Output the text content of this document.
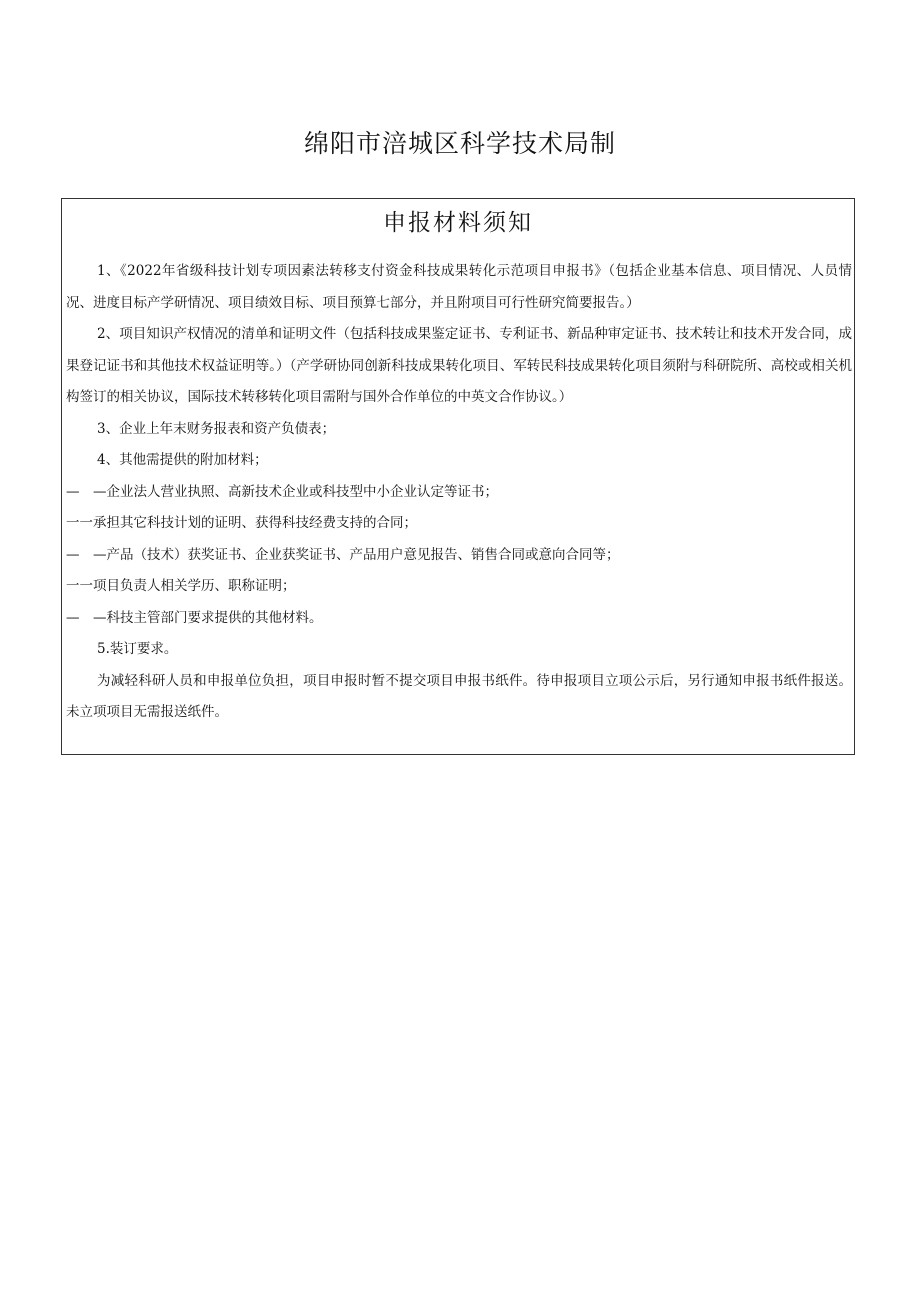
绵阳市涪城区科学技术局制
申报材料须知

1、《2022年省级科技计划专项因素法转移支付资金科技成果转化示范项目申报书》（包括企业基本信息、项目情况、人员情况、进度目标产学研情况、项目绩效目标、项目预算七部分，并且附项目可行性研究简要报告。）

2、项目知识产权情况的清单和证明文件（包括科技成果鉴定证书、专利证书、新品种审定证书、技术转让和技术开发合同，成果登记证书和其他技术权益证明等。）（产学研协同创新科技成果转化项目、军转民科技成果转化项目须附与科研院所、高校或相关机构签订的相关协议，国际技术转移转化项目需附与国外合作单位的中英文合作协议。）

3、企业上年末财务报表和资产负债表；

4、其他需提供的附加材料；

—　—企业法人营业执照、高新技术企业或科技型中小企业认定等证书；

一一承担其它科技计划的证明、获得科技经费支持的合同；

—　—产品（技术）获奖证书、企业获奖证书、产品用户意见报告、销售合同或意向合同等；

一一项目负责人相关学历、职称证明；

—　—科技主管部门要求提供的其他材料。

5.装订要求。

为减轻科研人员和申报单位负担，项目申报时暂不提交项目申报书纸件。待申报项目立项公示后，另行通知申报书纸件报送。未立项项目无需报送纸件。
